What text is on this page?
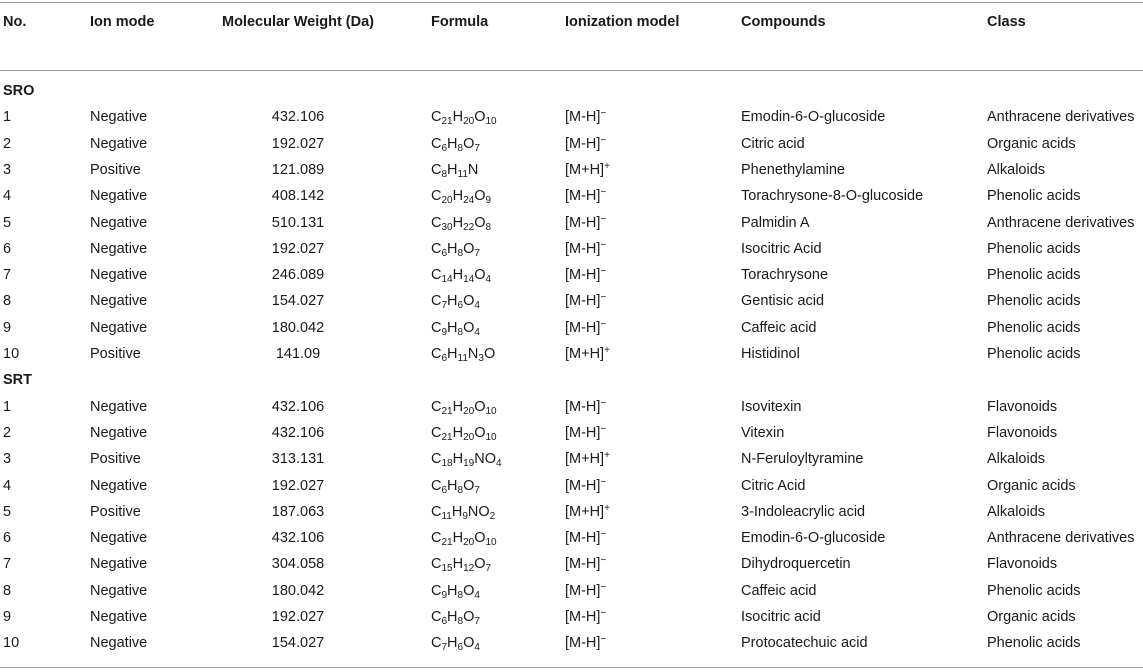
No.	Ion mode	Molecular Weight (Da)	Formula	Ionization model	Compounds	Class
SRO
1	Negative	432.106	$C_{21}H_{20}O_{10}$	[M-H]−	Emodin-6-O-glucoside	Anthracene derivatives
2	Negative	192.027	$C_6H_8O_7$	[M-H]−	Citric acid	Organic acids
3	Positive	121.089	$C_8H_{11}N$	[M+H]+	Phenethylamine	Alkaloids
4	Negative	408.142	$C_{20}H_{24}O_9$	[M-H]−	Torachrysone-8-O-glucoside	Phenolic acids
5	Negative	510.131	$C_{30}H_{22}O_8$	[M-H]−	Palmidin A	Anthracene derivatives
6	Negative	192.027	$C_6H_8O_7$	[M-H]−	Isocitric Acid	Phenolic acids
7	Negative	246.089	$C_{14}H_{14}O_4$	[M-H]−	Torachrysone	Phenolic acids
8	Negative	154.027	$C_7H_6O_4$	[M-H]−	Gentisic acid	Phenolic acids
9	Negative	180.042	$C_9H_8O_4$	[M-H]−	Caffeic acid	Phenolic acids
10	Positive	141.09	$C_6H_{11}N_3O$	[M+H]+	Histidinol	Phenolic acids
SRT
1	Negative	432.106	$C_{21}H_{20}O_{10}$	[M-H]−	Isovitexin	Flavonoids
2	Negative	432.106	$C_{21}H_{20}O_{10}$	[M-H]−	Vitexin	Flavonoids
3	Positive	313.131	$C_{18}H_{19}NO_4$	[M+H]+	N-Feruloyltyramine	Alkaloids
4	Negative	192.027	$C_6H_8O_7$	[M-H]−	Citric Acid	Organic acids
5	Positive	187.063	$C_{11}H_9NO_2$	[M+H]+	3-Indoleacrylic acid	Alkaloids
6	Negative	432.106	$C_{21}H_{20}O_{10}$	[M-H]−	Emodin-6-O-glucoside	Anthracene derivatives
7	Negative	304.058	$C_{15}H_{12}O_7$	[M-H]−	Dihydroquercetin	Flavonoids
8	Negative	180.042	$C_9H_8O_4$	[M-H]−	Caffeic acid	Phenolic acids
9	Negative	192.027	$C_6H_8O_7$	[M-H]−	Isocitric acid	Organic acids
10	Negative	154.027	$C_7H_6O_4$	[M-H]−	Protocatechuic acid	Phenolic acids
